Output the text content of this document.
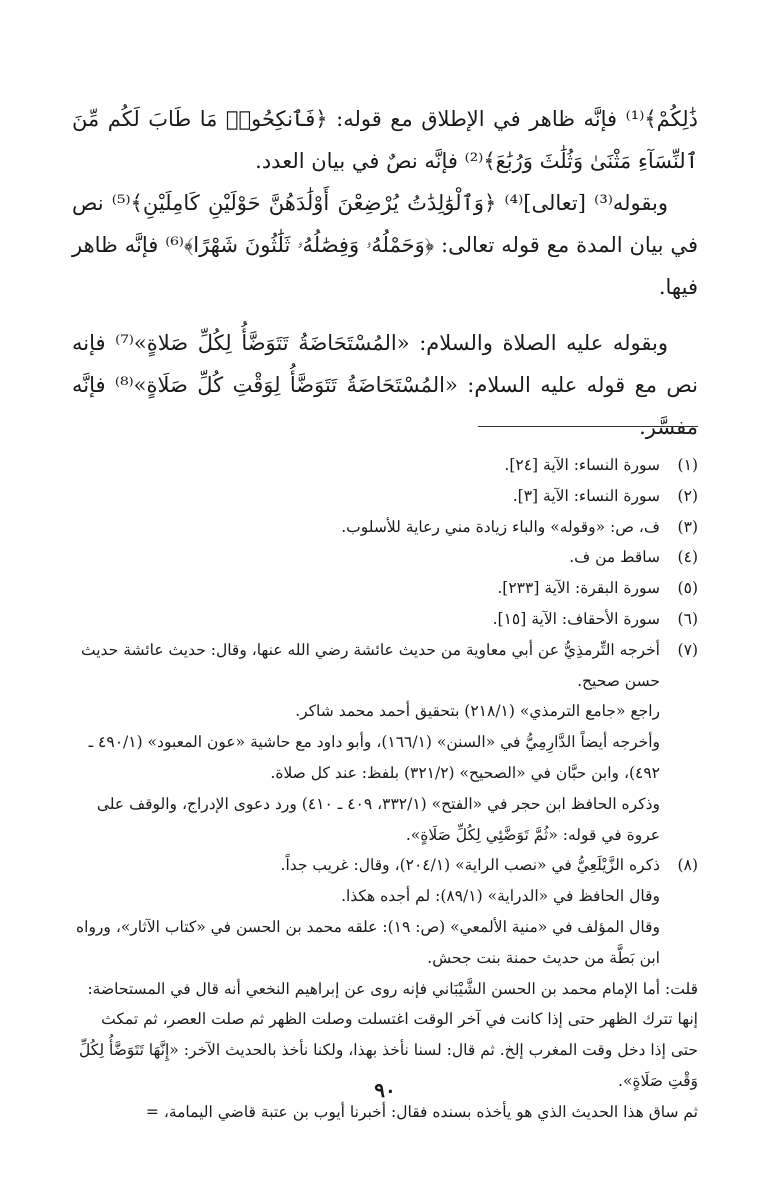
ذَٰلِكُمْ﴾⁽¹⁾ فإنَّه ظاهر في الإطلاق مع قوله: ﴿فَٱنكِحُوا۟ مَا طَابَ لَكُم مِّنَ ٱلنِّسَآءِ مَثْنَىٰ وَثُلَٰثَ وَرُبَٰعَ﴾⁽²⁾ فإنَّه نصٌ في بيان العدد.

وبقوله⁽³⁾ [تعالى]⁽⁴⁾ ﴿وَٱلْوَٰلِدَٰتُ يُرْضِعْنَ أَوْلَٰدَهُنَّ حَوْلَيْنِ كَامِلَيْنِ﴾⁽⁵⁾ نص في بيان المدة مع قوله تعالى: ﴿وَحَمْلُهُۥ وَفِصَٰلُهُۥ ثَلَٰثُونَ شَهْرًا﴾⁽⁶⁾ فإنَّه ظاهر فيها.

وبقوله عليه الصلاة والسلام: «المُسْتَحَاضَةُ تَتَوَضَّأُ لِكُلِّ صَلاةٍ»⁽⁷⁾ فإنه نص مع قوله عليه السلام: «المُسْتَحَاضَةُ تَتَوَضَّأُ لِوَقْتِ كُلِّ صَلَاةٍ»⁽⁸⁾ فإنَّه مفسَّر.

(١)

سورة النساء: الآية [٢٤].

(٢)

سورة النساء: الآية [٣].

(٣)

ف، ص: «وقوله» والباء زيادة مني رعاية للأسلوب.

(٤)

ساقط من ف.

(٥)

سورة البقرة: الآية [٢٣٣].

(٦)

سورة الأحقاف: الآية [١٥].

(٧)

أخرجه التِّرمذِيُّ عن أبي معاوية من حديث عائشة رضي الله عنها، وقال: حديث عائشة حديث حسن صحيح.

راجع «جامع الترمذي» (٢١٨/١) بتحقيق أحمد محمد شاكر.

وأخرجه أيضاً الدَّارِمِيُّ في «السنن» (١٦٦/١)، وأبو داود مع حاشية «عون المعبود» (٤٩٠/١ ـ ٤٩٢)، وابن حبَّان في «الصحيح» (٣٢١/٢) بلفظ: عند كل صلاة.

وذكره الحافظ ابن حجر في «الفتح» (٣٣٢/١، ٤٠٩ ـ ٤١٠) ورد دعوى الإدراج، والوقف على عروة في قوله: «ثُمَّ تَوَضَّئِي لِكُلِّ صَلَاةٍ».

(٨)

ذكره الزَّيْلَعِيُّ في «نصب الراية» (٢٠٤/١)، وقال: غريب جداً.

وقال الحافظ في «الدراية» (٨٩/١): لم أجده هكذا.

وقال المؤلف في «منية الألمعي» (ص: ١٩): علقه محمد بن الحسن في «كتاب الآثار»، ورواه ابن بَطَّة من حديث حمنة بنت جحش.

قلت: أما الإمام محمد بن الحسن الشَّيْبَاني فإنه روى عن إبراهيم النخعي أنه قال في المستحاضة: إنها تترك الظهر حتى إذا كانت في آخر الوقت اغتسلت وصلت الظهر ثم صلت العصر، ثم تمكث حتى إذا دخل وقت المغرب إلخ. ثم قال: لسنا نأخذ بهذا، ولكنا نأخذ بالحديث الآخر: «إِنَّهَا تَتَوَضَّأُ لِكُلِّ وَقْتِ صَلَاةٍ».

ثم ساق هذا الحديث الذي هو يأخذه بسنده فقال: أخبرنا أيوب بن عتبة قاضي اليمامة، =

٩٠
